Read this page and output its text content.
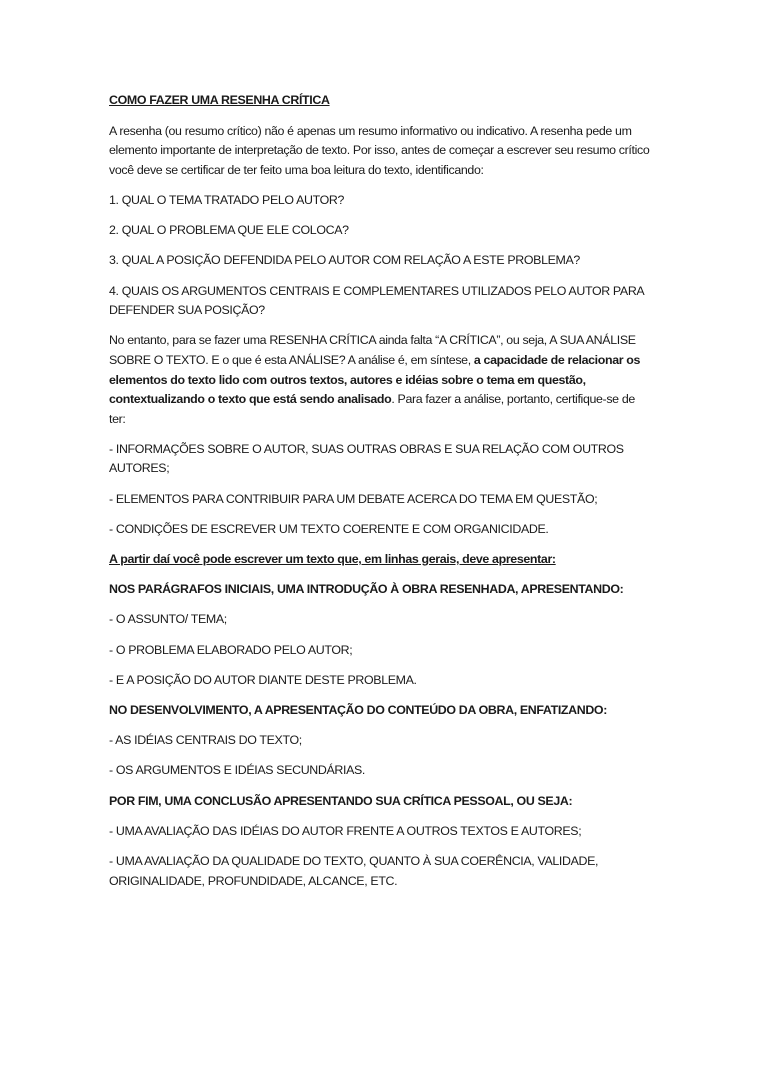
COMO FAZER UMA RESENHA CRÍTICA

A resenha (ou resumo crítico) não é apenas um resumo informativo ou indicativo. A resenha pede um elemento importante de interpretação de texto. Por isso, antes de começar a escrever seu resumo crítico você deve se certificar de ter feito uma boa leitura do texto, identificando:

1. QUAL O TEMA TRATADO PELO AUTOR?

2. QUAL O PROBLEMA QUE ELE COLOCA?

3. QUAL A POSIÇÃO DEFENDIDA PELO AUTOR COM RELAÇÃO A ESTE PROBLEMA?

4. QUAIS OS ARGUMENTOS CENTRAIS E COMPLEMENTARES UTILIZADOS PELO AUTOR PARA DEFENDER SUA POSIÇÃO?

No entanto, para se fazer uma RESENHA CRÍTICA ainda falta “A CRÍTICA”, ou seja, A SUA ANÁLISE SOBRE O TEXTO. E o que é esta ANÁLISE? A análise é, em síntese, a capacidade de relacionar os elementos do texto lido com outros textos, autores e idéias sobre o tema em questão, contextualizando o texto que está sendo analisado. Para fazer a análise, portanto, certifique-se de ter:

- INFORMAÇÕES SOBRE O AUTOR, SUAS OUTRAS OBRAS E SUA RELAÇÃO COM OUTROS AUTORES;

- ELEMENTOS PARA CONTRIBUIR PARA UM DEBATE ACERCA DO TEMA EM QUESTÃO;

- CONDIÇÕES DE ESCREVER UM TEXTO COERENTE E COM ORGANICIDADE.

A partir daí você pode escrever um texto que, em linhas gerais, deve apresentar:

NOS PARÁGRAFOS INICIAIS, UMA INTRODUÇÃO À OBRA RESENHADA, APRESENTANDO:

- O ASSUNTO/ TEMA;

- O PROBLEMA ELABORADO PELO AUTOR;

- E A POSIÇÃO DO AUTOR DIANTE DESTE PROBLEMA.

NO DESENVOLVIMENTO, A APRESENTAÇÃO DO CONTEÚDO DA OBRA, ENFATIZANDO:

- AS IDÉIAS CENTRAIS DO TEXTO;

- OS ARGUMENTOS E IDÉIAS SECUNDÁRIAS.

POR FIM, UMA CONCLUSÃO APRESENTANDO SUA CRÍTICA PESSOAL, OU SEJA:

- UMA AVALIAÇÃO DAS IDÉIAS DO AUTOR FRENTE A OUTROS TEXTOS E AUTORES;

- UMA AVALIAÇÃO DA QUALIDADE DO TEXTO, QUANTO À SUA COERÊNCIA, VALIDADE, ORIGINALIDADE, PROFUNDIDADE, ALCANCE, ETC.
